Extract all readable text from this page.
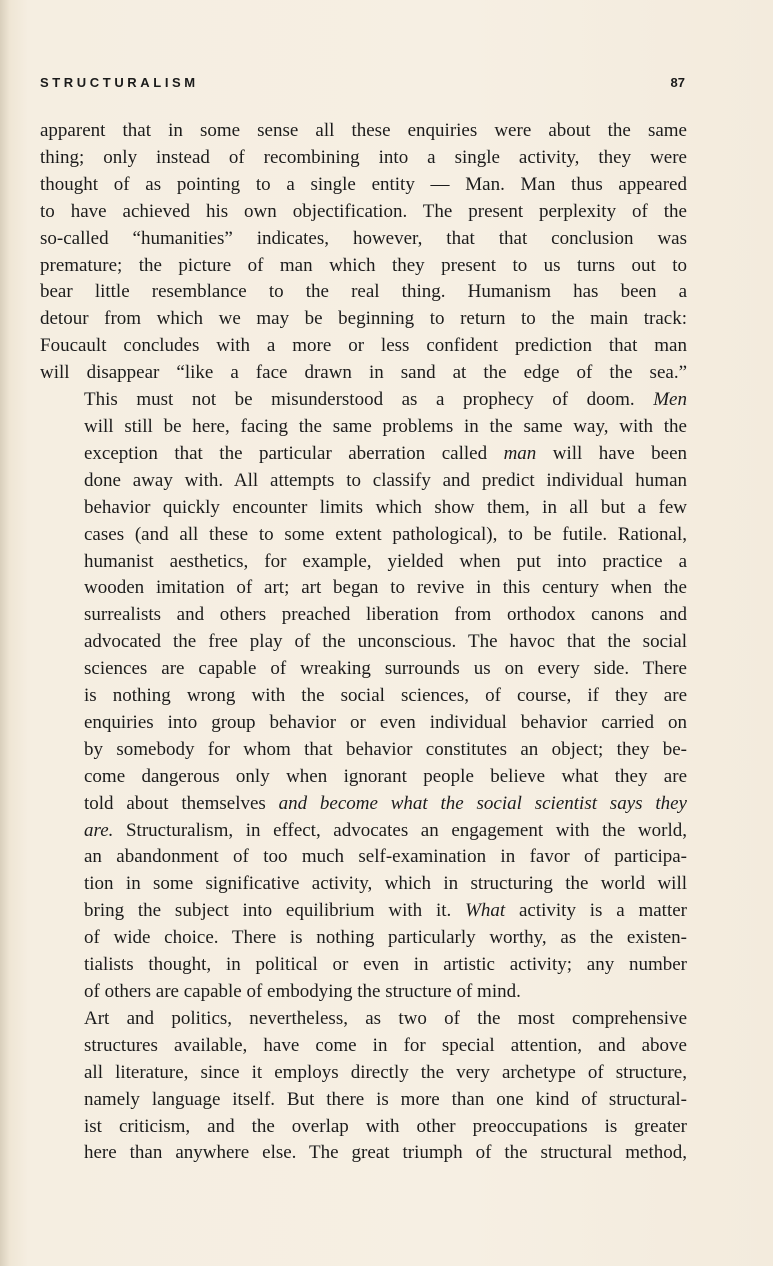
STRUCTURALISM	87

apparent that in some sense all these enquiries were about the same
thing; only instead of recombining into a single activity, they were
thought of as pointing to a single entity — Man. Man thus appeared
to have achieved his own objectification. The present perplexity of the
so-called “humanities” indicates, however, that that conclusion was
premature; the picture of man which they present to us turns out to
bear little resemblance to the real thing. Humanism has been a
detour from which we may be beginning to return to the main track:
Foucault concludes with a more or less confident prediction that man
will disappear “like a face drawn in sand at the edge of the sea.”

This must not be misunderstood as a prophecy of doom. Men
will still be here, facing the same problems in the same way, with the
exception that the particular aberration called man will have been
done away with. All attempts to classify and predict individual human
behavior quickly encounter limits which show them, in all but a few
cases (and all these to some extent pathological), to be futile. Rational,
humanist aesthetics, for example, yielded when put into practice a
wooden imitation of art; art began to revive in this century when the
surrealists and others preached liberation from orthodox canons and
advocated the free play of the unconscious. The havoc that the social
sciences are capable of wreaking surrounds us on every side. There
is nothing wrong with the social sciences, of course, if they are
enquiries into group behavior or even individual behavior carried on
by somebody for whom that behavior constitutes an object; they be-
come dangerous only when ignorant people believe what they are
told about themselves and become what the social scientist says they
are. Structuralism, in effect, advocates an engagement with the world,
an abandonment of too much self-examination in favor of participa-
tion in some significative activity, which in structuring the world will
bring the subject into equilibrium with it. What activity is a matter
of wide choice. There is nothing particularly worthy, as the existen-
tialists thought, in political or even in artistic activity; any number
of others are capable of embodying the structure of mind.

Art and politics, nevertheless, as two of the most comprehensive
structures available, have come in for special attention, and above
all literature, since it employs directly the very archetype of structure,
namely language itself. But there is more than one kind of structural-
ist criticism, and the overlap with other preoccupations is greater
here than anywhere else. The great triumph of the structural method,
